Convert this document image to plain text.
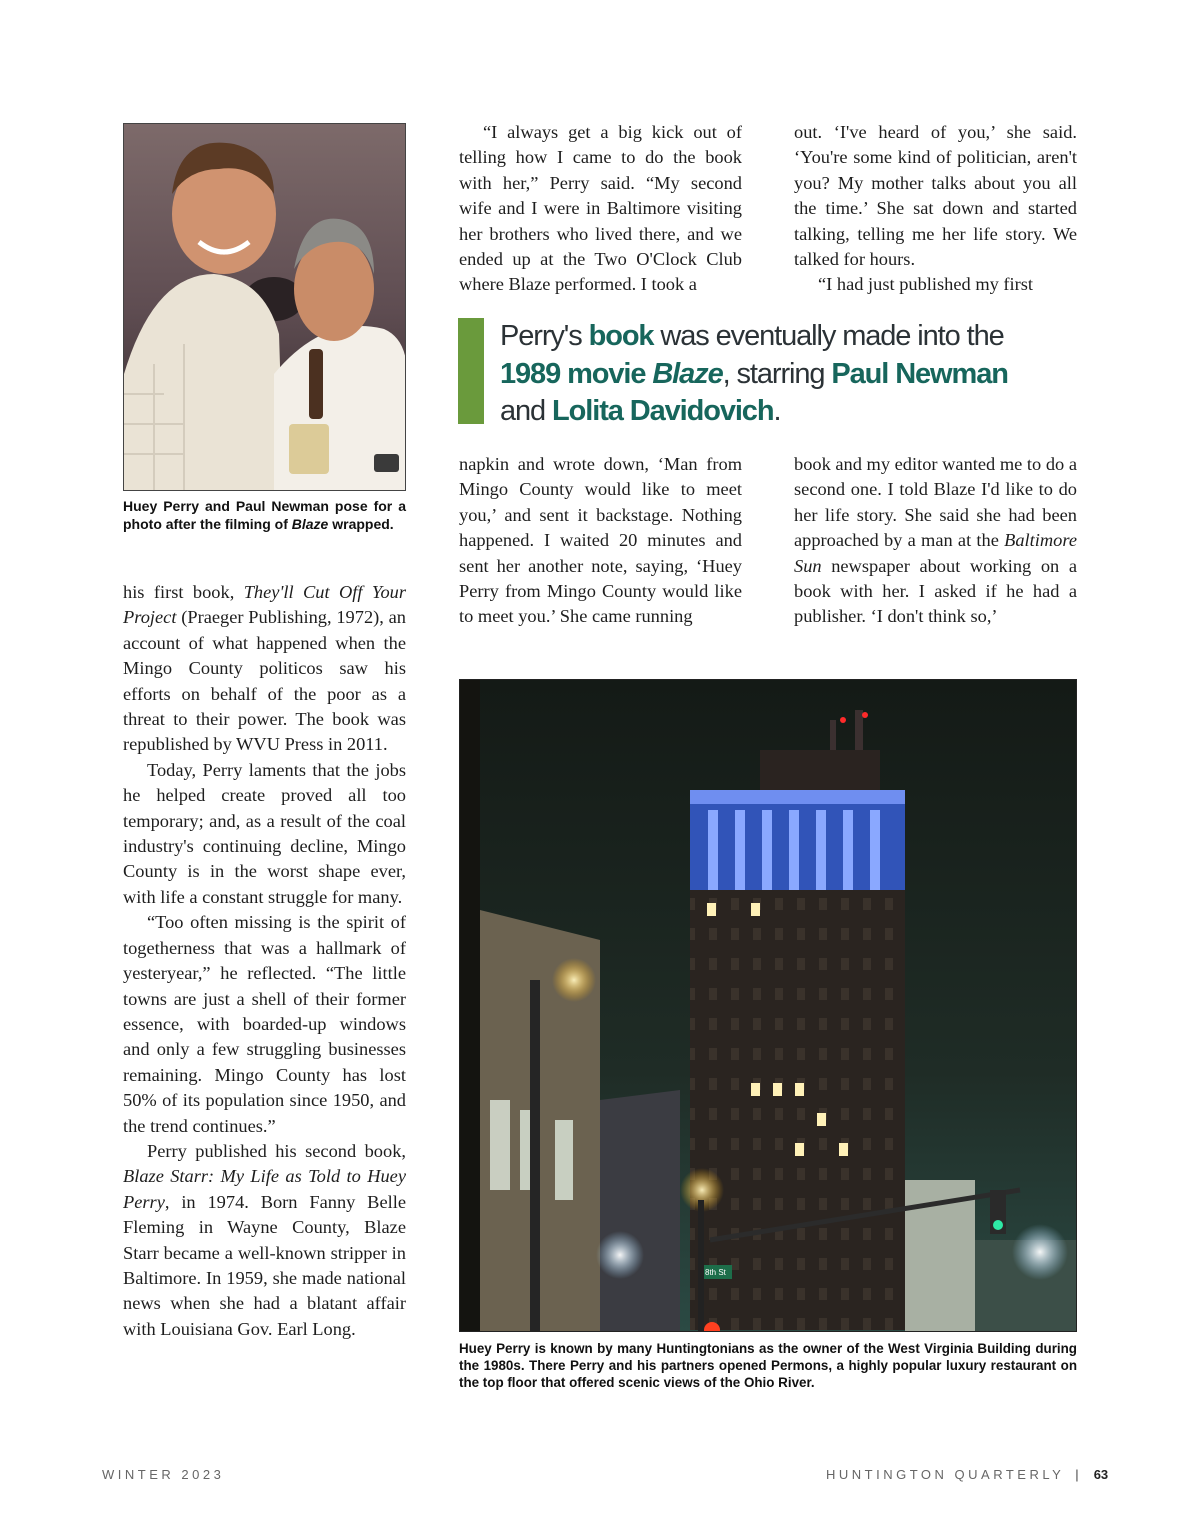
Huey Perry and Paul Newman pose for a photo after the filming of Blaze wrapped.

his first book, They'll Cut Off Your Project (Praeger Publishing, 1972), an account of what happened when the Mingo County politicos saw his efforts on behalf of the poor as a threat to their power. The book was republished by WVU Press in 2011.

Today, Perry laments that the jobs he helped create proved all too temporary; and, as a result of the coal industry's continuing decline, Mingo County is in the worst shape ever, with life a constant struggle for many.

“Too often missing is the spirit of togetherness that was a hallmark of yesteryear,” he reflected. “The little towns are just a shell of their former essence, with boarded-up windows and only a few struggling businesses remaining. Mingo County has lost 50% of its population since 1950, and the trend continues.”

Perry published his second book, Blaze Starr: My Life as Told to Huey Perry, in 1974. Born Fanny Belle Fleming in Wayne County, Blaze Starr became a well-known stripper in Baltimore. In 1959, she made national news when she had a blatant affair with Louisiana Gov. Earl Long.

“I always get a big kick out of telling how I came to do the book with her,” Perry said. “My second wife and I were in Baltimore visiting her brothers who lived there, and we ended up at the Two O'Clock Club where Blaze performed. I took a

out. ‘I've heard of you,’ she said. ‘You're some kind of politician, aren't you? My mother talks about you all the time.’ She sat down and started talking, telling me her life story. We talked for hours.

“I had just published my first

Perry's book was eventually made into the
1989 movie Blaze, starring Paul Newman
and Lolita Davidovich.

napkin and wrote down, ‘Man from Mingo County would like to meet you,’ and sent it backstage. Nothing happened. I waited 20 minutes and sent her another note, saying, ‘Huey Perry from Mingo County would like to meet you.’ She came running

book and my editor wanted me to do a second one. I told Blaze I'd like to do her life story. She said she had been approached by a man at the Baltimore Sun newspaper about working on a book with her. I asked if he had a publisher. ‘I don't think so,’

8th St
Huey Perry is known by many Huntingtonians as the owner of the West Virginia Building during the 1980s. There Perry and his partners opened Permons, a highly popular luxury restaurant on the top floor that offered scenic views of the Ohio River.
WINTER 2023	HUNTINGTON QUARTERLY | 63
